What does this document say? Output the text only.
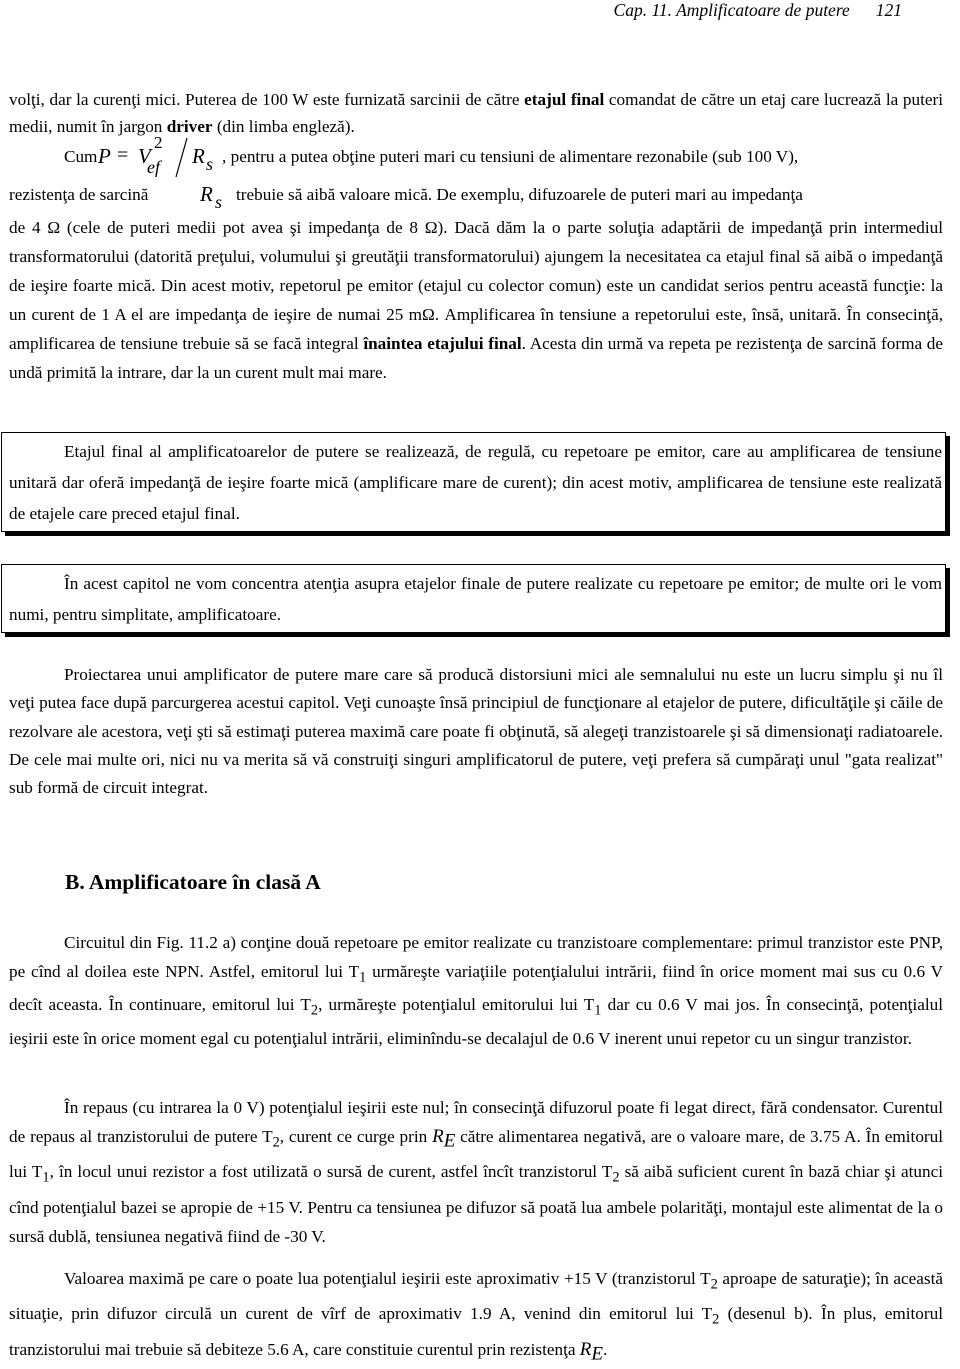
Cap. 11. Amplificatoare de putere 121
volţi, dar la curenţi mici. Puterea de 100 W este furnizată sarcinii de către etajul final comandat de către un etaj care lucrează la puteri medii, numit în jargon driver (din limba engleză).
Cum P = V
2
ef R s , pentru a putea obţine puteri mari cu tensiuni de alimentare rezonabile (sub 100 V),
rezistenţa de sarcină R s trebuie să aibă valoare mică. De exemplu, difuzoarele de puteri mari au impedanţa
de 4 Ω (cele de puteri medii pot avea şi impedanţa de 8 Ω). Dacă dăm la o parte soluţia adaptării de impedanţă prin intermediul transformatorului (datorită preţului, volumului şi greutăţii transformatorului) ajungem la necesitatea ca etajul final să aibă o impedanţă de ieşire foarte mică. Din acest motiv, repetorul pe emitor (etajul cu colector comun) este un candidat serios pentru această funcţie: la un curent de 1 A el are impedanţa de ieşire de numai 25 mΩ. Amplificarea în tensiune a repetorului este, însă, unitară. În consecinţă, amplificarea de tensiune trebuie să se facă integral înaintea etajului final. Acesta din urmă va repeta pe rezistenţa de sarcină forma de undă primită la intrare, dar la un curent mult mai mare.

Etajul final al amplificatoarelor de putere se realizează, de regulă, cu repetoare pe emitor, care au amplificarea de tensiune unitară dar oferă impedanţă de ieşire foarte mică (amplificare mare de curent); din acest motiv, amplificarea de tensiune este realizată de etajele care preced etajul final.

În acest capitol ne vom concentra atenţia asupra etajelor finale de putere realizate cu repetoare pe emitor; de multe ori le vom numi, pentru simplitate, amplificatoare.

Proiectarea unui amplificator de putere mare care să producă distorsiuni mici ale semnalului nu este un lucru simplu şi nu îl veţi putea face după parcurgerea acestui capitol. Veţi cunoaşte însă principiul de funcţionare al etajelor de putere, dificultăţile şi căile de rezolvare ale acestora, veţi şti să estimaţi puterea maximă care poate fi obţinută, să alegeţi tranzistoarele şi să dimensionaţi radiatoarele. De cele mai multe ori, nici nu va merita să vă construiţi singuri amplificatorul de putere, veţi prefera să cumpăraţi unul "gata realizat" sub formă de circuit integrat.
B. Amplificatoare în clasă A
Circuitul din Fig. 11.2 a) conţine două repetoare pe emitor realizate cu tranzistoare complementare: primul tranzistor este PNP, pe cînd al doilea este NPN. Astfel, emitorul lui $T_1$ urmăreşte variaţiile potenţialului intrării, fiind în orice moment mai sus cu 0.6 V decît aceasta. În continuare, emitorul lui $T_2$, urmăreşte potenţialul emitorului lui $T_1$ dar cu 0.6 V mai jos. În consecinţă, potenţialul ieşirii este în orice moment egal cu potenţialul intrării, eliminîndu-se decalajul de 0.6 V inerent unui repetor cu un singur tranzistor.
În repaus (cu intrarea la 0 V) potenţialul ieşirii este nul; în consecinţă difuzorul poate fi legat direct, fără condensator. Curentul de repaus al tranzistorului de putere $T_2$, curent ce curge prin $R_E$ către alimentarea negativă, are o valoare mare, de 3.75 A. În emitorul lui $T_1$, în locul unui rezistor a fost utilizată o sursă de curent, astfel încît tranzistorul $T_2$ să aibă suficient curent în bază chiar şi atunci cînd potenţialul bazei se apropie de +15 V. Pentru ca tensiunea pe difuzor să poată lua ambele polarităţi, montajul este alimentat de la o sursă dublă, tensiunea negativă fiind de -30 V.
Valoarea maximă pe care o poate lua potenţialul ieşirii este aproximativ +15 V (tranzistorul $T_2$ aproape de saturaţie); în această situaţie, prin difuzor circulă un curent de vîrf de aproximativ 1.9 A, venind din emitorul lui $T_2$ (desenul b). În plus, emitorul tranzistorului mai trebuie să debiteze 5.6 A, care constituie curentul prin rezistenţa $R_E$.
